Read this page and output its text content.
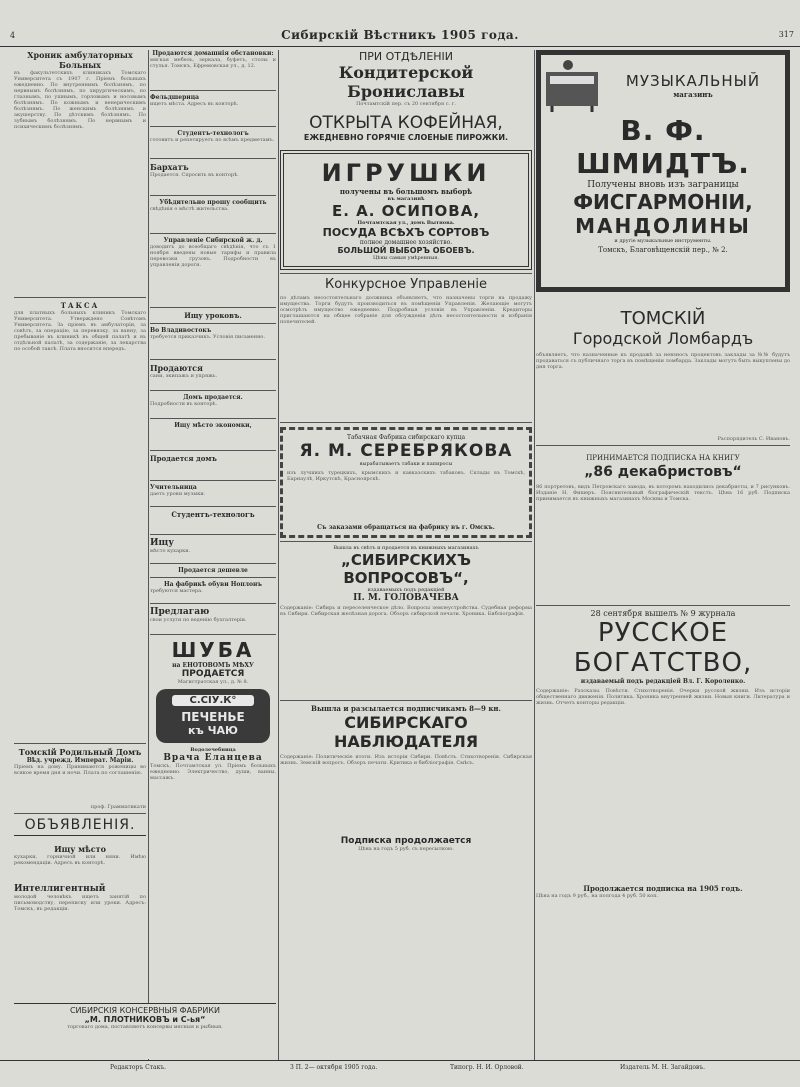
4	Сибирскій Вѣстникъ 1905 года.	317

Хроник амбулаторных Больных

въ факультетскихъ клиникахъ Томскаго Университета съ 1907 г. Прiемъ больныхъ ежедневно. По внутреннимъ болѣзнямъ, по нервнымъ болѣзнямъ, по хирургическимъ, по глазнымъ, по ушнымъ, горловымъ и носовымъ болѣзнямъ. По кожнымъ и венерическимъ болѣзнямъ. По женскимъ болѣзнямъ и акушерству. По дѣтскимъ болѣзнямъ. По зубнымъ болѣзнямъ. По нервнымъ и психическимъ болѣзнямъ.

ТАКСА

для платныхъ больныхъ клиникъ Томскаго Университета. Утверждено Совѣтомъ Университета. За прiемъ въ амбулаторiи, за совѣтъ, за операцiю, за перевязку, за ванну, за пребыванiе въ клиникѣ въ общей палатѣ и въ отдѣльной палатѣ, за содержанiе, за лекарства по особой таксѣ. Плата вносится впередъ.

Томскій Родильный Домъ

Вѣд. учрежд. Императ. Маріи.

Прiемъ на дому. Принимаются роженицы во всякое время дня и ночи. Плата по соглашенiю.

проф. Грамматикати

ОБЪЯВЛЕНІЯ.

Ищу мѣсто

кухарки, горничной или няни. Имѣю рекомендацiи. Адресъ въ конторѣ.

Интеллигентный

молодой человѣкъ ищетъ занятiй по письмоводству, переписку или уроки. Адресъ: Томскъ, въ редакцiи.

Продаются домашнія обстановки:

мягкая мебель, зеркала, буфетъ, столы и стулья. Томскъ, Ефремовская ул., д. 12.

Фельдшерица

ищетъ мѣста. Адресъ въ конторѣ.

Студентъ-технологъ

готовитъ и репетируетъ по всѣмъ предметамъ.

Бархатъ

Продается. Спросить въ конторѣ.

Убѣдительно прошу сообщить

свѣдѣнiя о мѣстѣ жительства.

Управленіе Сибирской ж. д.

доводитъ до всеобщаго свѣдѣнiя, что съ 1 ноября введены новые тарифы и правила перевозки грузовъ. Подробности въ управленiи дороги.

Ищу уроковъ.

Во Владивостокъ

требуется приказчикъ. Условiя письменно.

Продаются

сани, экипажъ и упряжь.

Домъ продается.

Подробности въ конторѣ.

Ищу мѣсто экономки,

Продается домъ

Учительница

даетъ уроки музыки.

Студентъ-технологъ

Ищу

мѣсто кухарки.

Продается дешевле

На фабрикѣ обуви Ноплонъ

требуются мастера.

Предлагаю

свои услуги по веденiю бухгалтерiи.

ШУБА

на ЕНОТОВОМЪ МѢХУ

ПРОДАЕТСЯ

Магистратская ул., д. № 8.

С.СІУ.К°
ПЕЧЕНЬЕ
къ ЧАЮ

Водолечебница

Врача Еланцева

Томскъ, Почтамтская ул. Прiемъ больныхъ ежедневно. Электричество, души, ванны, массажъ.

ПРИ ОТДѢЛЕНІИ

Кондитерской Брониславы

Почтамтскiй пер. съ 20 сентября с. г.

ОТКРЫТА КОФЕЙНАЯ,

ЕЖЕДНЕВНО ГОРЯЧІЕ СЛОЕНЫЕ ПИРОЖКИ.

ИГРУШКИ

получены въ большомъ выборѣ

въ магазинѣ

Е. А. ОСИПОВА,

Почтамтская ул., домъ Вытнова.

ПОСУДА ВСѢХЪ СОРТОВЪ

полное домашнее хозяйство.

БОЛЬШОЙ ВЫБОРЪ ОБОЕВЪ.

Цѣны самыя умѣренныя.

Конкурсное Управленіе

по дѣламъ несостоятельнаго должника объявляетъ, что назначены торги на продажу имущества. Торги будутъ производиться въ помѣщенiи Управленiя. Желающiе могутъ осмотрѣть имущество ежедневно. Подробныя условiя въ Управленiи. Кредиторы приглашаются на общее собранiе для обсужденiя дѣлъ несостоятельности и избранiя попечителей.

Табачная Фабрика сибирскаго купца

Я. М. СЕРЕБРЯКОВА

вырабатываетъ табаки и папиросы

изъ лучшихъ турецкихъ, крымскихъ и кавказскихъ табаковъ. Склады въ Томскѣ, Барнаулѣ, Иркутскѣ, Красноярскѣ.

Съ заказами обращаться на фабрику въ г. Омскъ.

Вышла въ свѣтъ и продается въ книжныхъ магазинахъ

„СИБИРСКИХЪ ВОПРОСОВЪ“,

издаваемыхъ подъ редакцiей

П. М. ГОЛОВАЧЕВА

Содержанiе: Сибирь и переселенческое дѣло. Вопросы землеустройства. Судебная реформа въ Сибири. Сибирская желѣзная дорога. Обзоръ сибирской печати. Хроника. Библiографiя.

Вышла и разсылается подписчикамъ 8—9 кн.

СИБИРСКАГО НАБЛЮДАТЕЛЯ

Содержанiе: Политическiе итоги. Изъ исторiи Сибири. Повѣсть. Стихотворенiя. Сибирская жизнь. Земскiй вопросъ. Обзоръ печати. Критика и библiографiя. Смѣсь.

Подписка продолжается

Цѣна на годъ 5 руб. съ пересылкою.

МУЗЫКАЛЬНЫЙ

магазинъ

В. Ф. ШМИДТЪ.

Получены вновь изъ заграницы

ФИСГАРМОНІИ,

МАНДОЛИНЫ

и другiе музыкальные инструменты.

Томскъ, Благовѣщенскiй пер., № 2.

ТОМСКІЙ

Городской Ломбардъ

объявляетъ, что назначенные къ продажѣ за невзносъ процентовъ заклады за №№ будутъ продаваться съ публичнаго торга въ помѣщенiи ломбарда. Заклады могутъ быть выкуплены до дня торга.

Распорядитель С. Ивановъ.

ПРИНИМАЕТСЯ ПОДПИСКА НА КНИГУ

„86 декабристовъ“

86 портретовъ, видъ Петровскаго завода, въ которомъ находились декабристы, и 7 рисунковъ. Изданiе Н. Фишеръ. Пояснительный бiографическiй текстъ. Цѣна 16 руб. Подписка принимается въ книжныхъ магазинахъ Москвы и Томска.

28 сентября вышелъ № 9 журнала

РУССКОЕ БОГАТСТВО,

издаваемый подъ редакцiей Вл. Г. Короленко.

Содержанiе: Разсказы. Повѣсти. Стихотворенiя. Очерки русской жизни. Изъ исторiи общественнаго движенiя. Политика. Хроника внутренней жизни. Новыя книги. Литература и жизнь. Отчетъ конторы редакцiи.

Продолжается подписка на 1905 годъ.

Цѣна на годъ 9 руб., на полгода 4 руб. 50 коп.

СИБИРСКІЯ КОНСЕРВНЫЯ ФАБРИКИ

„М. ПЛОТНИКОВЪ и С-ья“

торговаго дома, поставляютъ консервы мясныя и рыбныя.

Редакторъ Стакъ.	3 П. 2— октября 1905 года.	Типогр. Н. И. Орловой.	Издатель М. Н. Загайдовъ.
